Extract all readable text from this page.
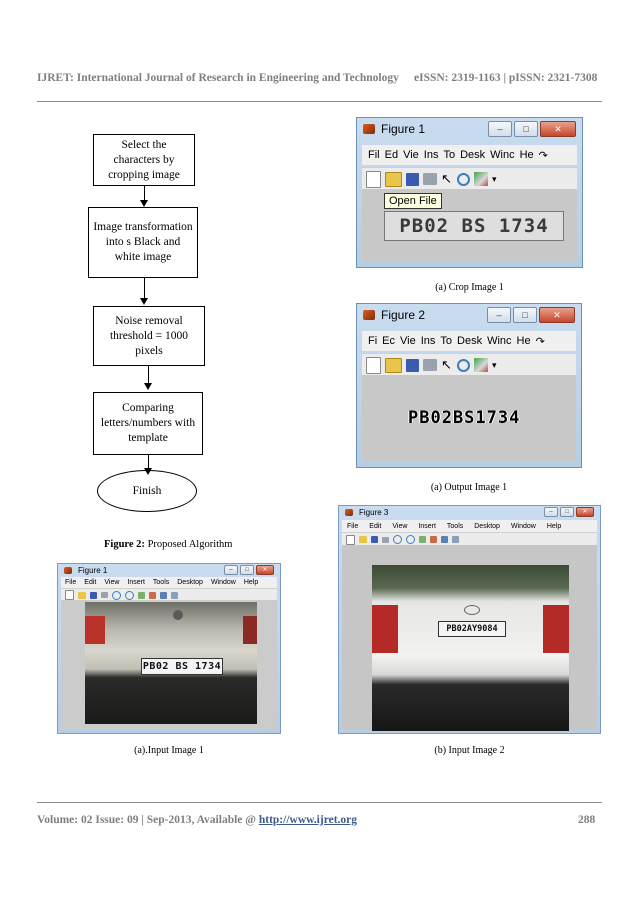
IJRET: International Journal of Research in Engineering and Technology eISSN: 2319-1163 | pISSN: 2321-7308
Select the characters by cropping image
Image transformation into s Black and white image
Noise removal threshold = 1000 pixels
Comparing letters/numbers with template
Finish
Figure 2: Proposed Algorithm
Figure 1	–	□	✕
Fil Ed Vie Ins To Desk Winc He ↷
↖	▾
Open File
PB02 BS 1734
(a) Crop Image 1
Figure 2	–	□	✕
Fi Ec Vie Ins To Desk Winc He ↷
↖	▾
PB02BS1734
(a) Output Image 1
Figure 1	–	□	✕
File Edit View Insert Tools Desktop Window Help
PB02 BS 1734
(a).Input Image 1
Figure 3	–	□	✕
File Edit View Insert Tools Desktop Window Help
PB02AY9084
(b) Input Image 2
Volume: 02 Issue: 09 | Sep-2013, Available @ http://www.ijret.org	288
